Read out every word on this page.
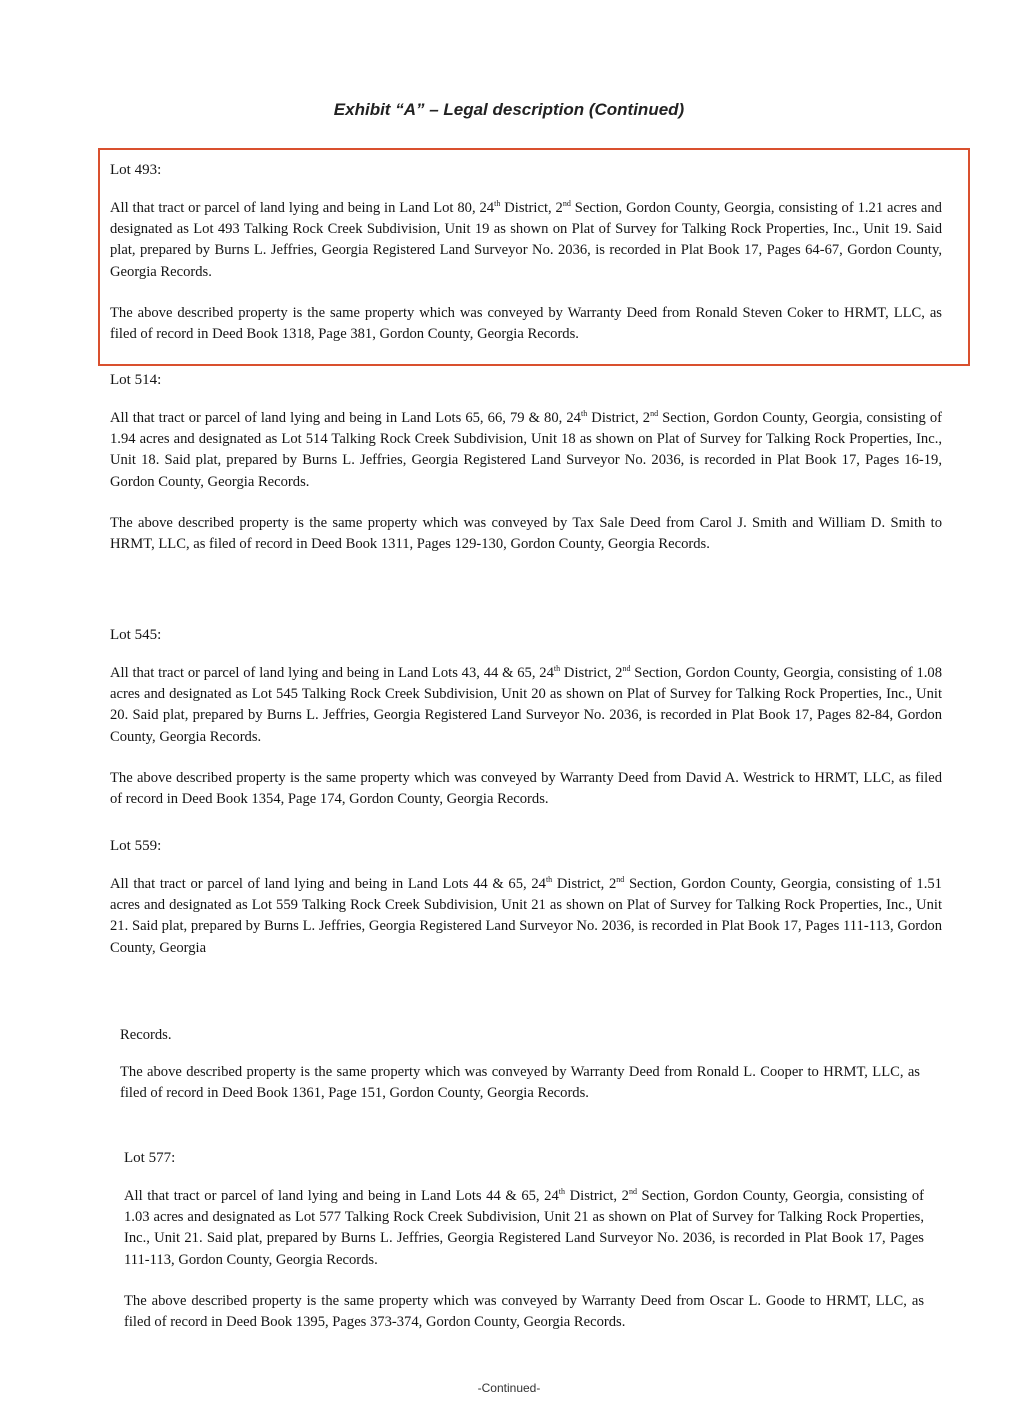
Exhibit “A” – Legal description (Continued)

Lot 493:

All that tract or parcel of land lying and being in Land Lot 80, 24th District, 2nd Section, Gordon County, Georgia, consisting of 1.21 acres and designated as Lot 493 Talking Rock Creek Subdivision, Unit 19 as shown on Plat of Survey for Talking Rock Properties, Inc., Unit 19. Said plat, prepared by Burns L. Jeffries, Georgia Registered Land Surveyor No. 2036, is recorded in Plat Book 17, Pages 64-67, Gordon County, Georgia Records.

The above described property is the same property which was conveyed by Warranty Deed from Ronald Steven Coker to HRMT, LLC, as filed of record in Deed Book 1318, Page 381, Gordon County, Georgia Records.

Lot 514:

All that tract or parcel of land lying and being in Land Lots 65, 66, 79 & 80, 24th District, 2nd Section, Gordon County, Georgia, consisting of 1.94 acres and designated as Lot 514 Talking Rock Creek Subdivision, Unit 18 as shown on Plat of Survey for Talking Rock Properties, Inc., Unit 18. Said plat, prepared by Burns L. Jeffries, Georgia Registered Land Surveyor No. 2036, is recorded in Plat Book 17, Pages 16-19, Gordon County, Georgia Records.

The above described property is the same property which was conveyed by Tax Sale Deed from Carol J. Smith and William D. Smith to HRMT, LLC, as filed of record in Deed Book 1311, Pages 129-130, Gordon County, Georgia Records.

Lot 545:

All that tract or parcel of land lying and being in Land Lots 43, 44 & 65, 24th District, 2nd Section, Gordon County, Georgia, consisting of 1.08 acres and designated as Lot 545 Talking Rock Creek Subdivision, Unit 20 as shown on Plat of Survey for Talking Rock Properties, Inc., Unit 20. Said plat, prepared by Burns L. Jeffries, Georgia Registered Land Surveyor No. 2036, is recorded in Plat Book 17, Pages 82-84, Gordon County, Georgia Records.

The above described property is the same property which was conveyed by Warranty Deed from David A. Westrick to HRMT, LLC, as filed of record in Deed Book 1354, Page 174, Gordon County, Georgia Records.

Lot 559:

All that tract or parcel of land lying and being in Land Lots 44 & 65, 24th District, 2nd Section, Gordon County, Georgia, consisting of 1.51 acres and designated as Lot 559 Talking Rock Creek Subdivision, Unit 21 as shown on Plat of Survey for Talking Rock Properties, Inc., Unit 21. Said plat, prepared by Burns L. Jeffries, Georgia Registered Land Surveyor No. 2036, is recorded in Plat Book 17, Pages 111-113, Gordon County, Georgia

Records.

The above described property is the same property which was conveyed by Warranty Deed from Ronald L. Cooper to HRMT, LLC, as filed of record in Deed Book 1361, Page 151, Gordon County, Georgia Records.

Lot 577:

All that tract or parcel of land lying and being in Land Lots 44 & 65, 24th District, 2nd Section, Gordon County, Georgia, consisting of 1.03 acres and designated as Lot 577 Talking Rock Creek Subdivision, Unit 21 as shown on Plat of Survey for Talking Rock Properties, Inc., Unit 21. Said plat, prepared by Burns L. Jeffries, Georgia Registered Land Surveyor No. 2036, is recorded in Plat Book 17, Pages 111-113, Gordon County, Georgia Records.

The above described property is the same property which was conveyed by Warranty Deed from Oscar L. Goode to HRMT, LLC, as filed of record in Deed Book 1395, Pages 373-374, Gordon County, Georgia Records.

-Continued-
